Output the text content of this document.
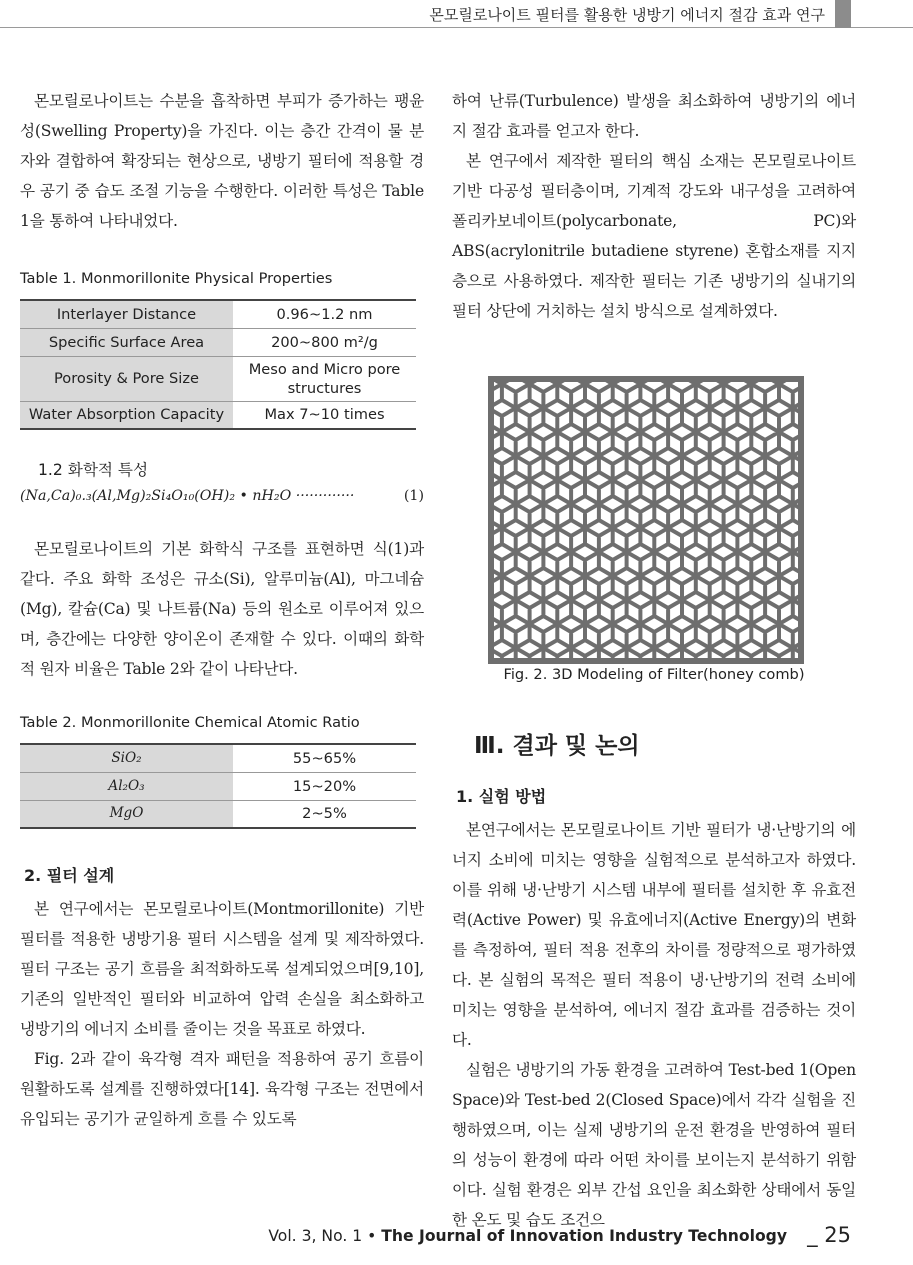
몬모릴로나이트 필터를 활용한 냉방기 에너지 절감 효과 연구

몬모릴로나이트는 수분을 흡착하면 부피가 증가하는 팽윤성(Swelling Property)을 가진다. 이는 층간 간격이 물 분자와 결합하여 확장되는 현상으로, 냉방기 필터에 적용할 경우 공기 중 습도 조절 기능을 수행한다. 이러한 특성은 Table 1을 통하여 나타내었다.

Table 1. Monmorillonite Physical Properties
Interlayer Distance	0.96~1.2 nm
Specific Surface Area	200~800 m²/g
Porosity & Pore Size	Meso and Micro pore structures
Water Absorption Capacity	Max 7~10 times
1.2 화학적 특성
(Na,Ca)₀.₃(Al,Mg)₂Si₄O₁₀(OH)₂ • nH₂O ·············	(1)

몬모릴로나이트의 기본 화학식 구조를 표현하면 식(1)과 같다. 주요 화학 조성은 규소(Si), 알루미늄(Al), 마그네슘(Mg), 칼슘(Ca) 및 나트륨(Na) 등의 원소로 이루어져 있으며, 층간에는 다양한 양이온이 존재할 수 있다. 이때의 화학적 원자 비율은 Table 2와 같이 나타난다.

Table 2. Monmorillonite Chemical Atomic Ratio
SiO₂	55~65%
Al₂O₃	15~20%
MgO	2~5%
2. 필터 설계

본 연구에서는 몬모릴로나이트(Montmorillonite) 기반 필터를 적용한 냉방기용 필터 시스템을 설계 및 제작하였다. 필터 구조는 공기 흐름을 최적화하도록 설계되었으며[9,10], 기존의 일반적인 필터와 비교하여 압력 손실을 최소화하고 냉방기의 에너지 소비를 줄이는 것을 목표로 하였다.

Fig. 2과 같이 육각형 격자 패턴을 적용하여 공기 흐름이 원활하도록 설계를 진행하였다[14]. 육각형 구조는 전면에서 유입되는 공기가 균일하게 흐를 수 있도록

하여 난류(Turbulence) 발생을 최소화하여 냉방기의 에너지 절감 효과를 얻고자 한다.

본 연구에서 제작한 필터의 핵심 소재는 몬모릴로나이트 기반 다공성 필터층이며, 기계적 강도와 내구성을 고려하여 폴리카보네이트(polycarbonate, PC)와 ABS(acrylonitrile butadiene styrene) 혼합소재를 지지층으로 사용하였다. 제작한 필터는 기존 냉방기의 실내기의 필터 상단에 거치하는 설치 방식으로 설계하였다.

Fig. 2. 3D Modeling of Filter(honey comb)
Ⅲ. 결과 및 논의
1. 실험 방법

본연구에서는 몬모릴로나이트 기반 필터가 냉·난방기의 에너지 소비에 미치는 영향을 실험적으로 분석하고자 하였다. 이를 위해 냉·난방기 시스템 내부에 필터를 설치한 후 유효전력(Active Power) 및 유효에너지(Active Energy)의 변화를 측정하여, 필터 적용 전후의 차이를 정량적으로 평가하였다. 본 실험의 목적은 필터 적용이 냉·난방기의 전력 소비에 미치는 영향을 분석하여, 에너지 절감 효과를 검증하는 것이다.

실험은 냉방기의 가동 환경을 고려하여 Test-bed 1(Open Space)와 Test-bed 2(Closed Space)에서 각각 실험을 진행하였으며, 이는 실제 냉방기의 운전 환경을 반영하여 필터의 성능이 환경에 따라 어떤 차이를 보이는지 분석하기 위함이다. 실험 환경은 외부 간섭 요인을 최소화한 상태에서 동일한 온도 및 습도 조건으

Vol. 3, No. 1 • The Journal of Innovation Industry Technology _ 25
